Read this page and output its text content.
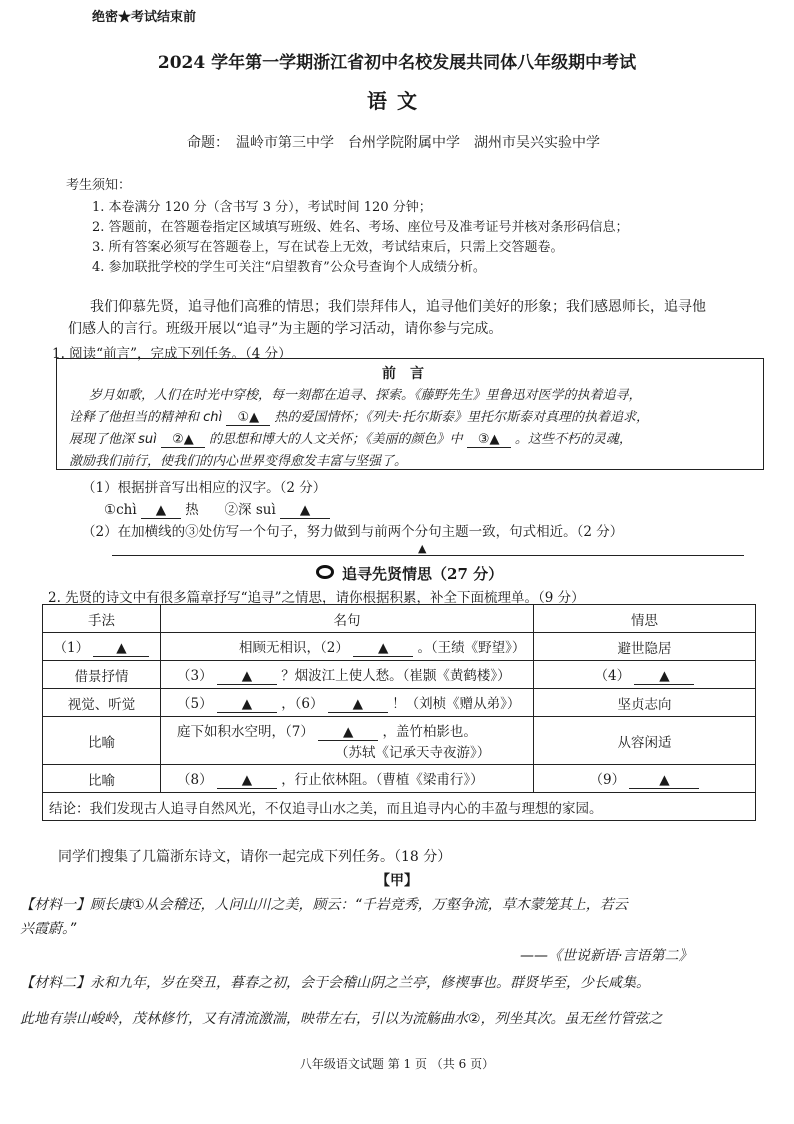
绝密★考试结束前
2024 学年第一学期浙江省初中名校发展共同体八年级期中考试
语文
命题： 温岭市第三中学 台州学院附属中学 湖州市吴兴实验中学
考生须知：
1. 本卷满分 120 分（含书写 3 分），考试时间 120 分钟；
2. 答题前，在答题卷指定区域填写班级、姓名、考场、座位号及准考证号并核对条形码信息；
3. 所有答案必须写在答题卷上，写在试卷上无效，考试结束后，只需上交答题卷。
4. 参加联批学校的学生可关注“启望教育”公众号查询个人成绩分析。
我们仰慕先贤，追寻他们高雅的情思；我们崇拜伟人，追寻他们美好的形象；我们感恩师长，追寻他
们感人的言行。班级开展以“追寻”为主题的学习活动，请你参与完成。
1. 阅读“前言”，完成下列任务。（4 分）
前言
岁月如歌，人们在时光中穿梭，每一刻都在追寻、探索。《藤野先生》里鲁迅对医学的执着追寻，
诠释了他担当的精神和 chì ①▲ 热的爱国情怀；《列夫·托尔斯泰》里托尔斯泰对真理的执着追求，
展现了他深 suì ②▲ 的思想和博大的人文关怀；《美丽的颜色》中 ③▲ 。这些不朽的灵魂，
激励我们前行，使我们的内心世界变得愈发丰富与坚强了。
（1）根据拼音写出相应的汉字。（2 分）
①chì ▲ 热 ②深 suì ▲
（2）在加横线的③处仿写一个句子，努力做到与前两个分句主题一致，句式相近。（2 分）
▲
追寻先贤情思（27 分）
2. 先贤的诗文中有很多篇章抒写“追寻”之情思，请你根据积累，补全下面梳理单。（9 分）
手法	名句	情思
（1） ▲	相顾无相识，（2） ▲ 。（王绩《野望》）	避世隐居
借景抒情	（3） ▲ ？烟波江上使人愁。（崔颢《黄鹤楼》）	（4） ▲
视觉、听觉	（5） ▲ ，（6） ▲ ！（刘桢《赠从弟》）	坚贞志向
比喻	庭下如积水空明，（7） ▲ ，盖竹柏影也。
（苏轼《记承天寺夜游》）	从容闲适
比喻	（8） ▲ ，行止依林阻。（曹植《梁甫行》）	（9） ▲
结论：我们发现古人追寻自然风光，不仅追寻山水之美，而且追寻内心的丰盈与理想的家园。		
同学们搜集了几篇浙东诗文，请你一起完成下列任务。（18 分）
【甲】
【材料一】顾长康①从会稽还，人问山川之美，顾云：“千岩竞秀，万壑争流，草木蒙笼其上，若云
兴霞蔚。”
——《世说新语·言语第二》
【材料二】永和九年，岁在癸丑，暮春之初，会于会稽山阴之兰亭，修禊事也。群贤毕至，少长咸集。
此地有崇山峻岭，茂林修竹，又有清流激湍，映带左右，引以为流觞曲水②，列坐其次。虽无丝竹管弦之
八年级语文试题 第 1 页 （共 6 页）
